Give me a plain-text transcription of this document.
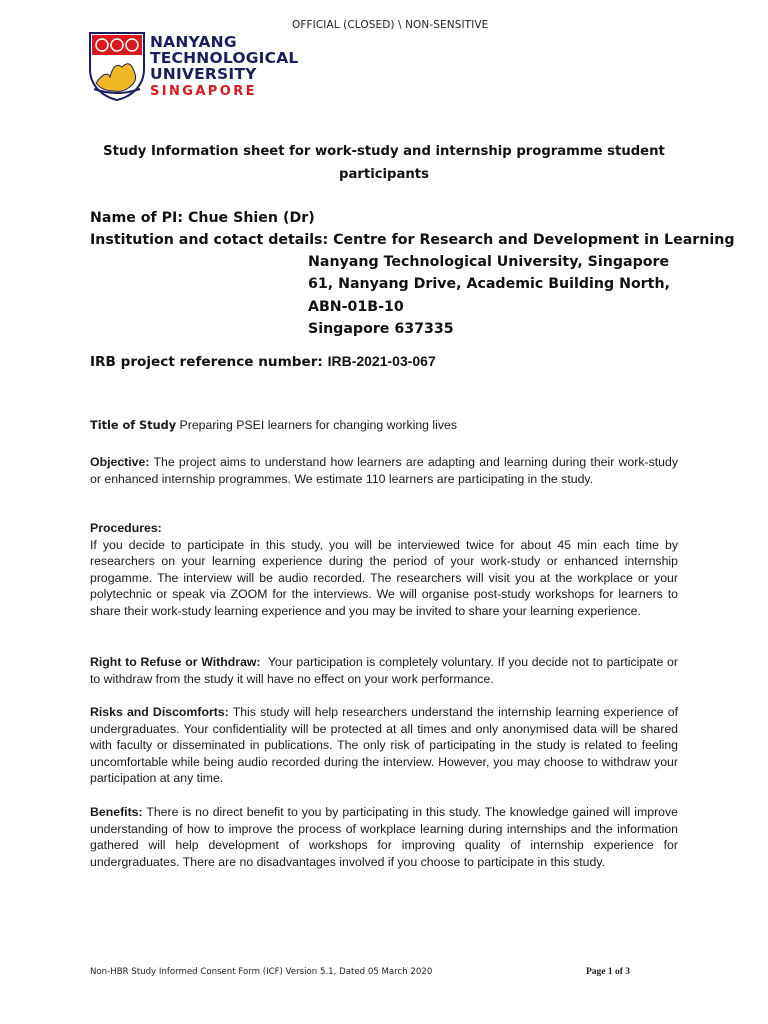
OFFICIAL (CLOSED) \ NON-SENSITIVE
NANYANG
TECHNOLOGICAL
UNIVERSITY
SINGAPORE
Study Information sheet for work-study and internship programme student
participants
Name of PI: Chue Shien (Dr)
Institution and cotact details: Centre for Research and Development in Learning
Nanyang Technological University, Singapore
61, Nanyang Drive, Academic Building North,
ABN-01B-10
Singapore 637335
IRB project reference number: IRB-2021-03-067
Title of Study Preparing PSEI learners for changing working lives
Objective: The project aims to understand how learners are adapting and learning during their work-study or enhanced internship programmes. We estimate 110 learners are participating in the study.
Procedures:
If you decide to participate in this study, you will be interviewed twice for about 45 min each time by researchers on your learning experience during the period of your work-study or enhanced internship progamme. The interview will be audio recorded. The researchers will visit you at the workplace or your polytechnic or speak via ZOOM for the interviews. We will organise post-study workshops for learners to share their work-study learning experience and you may be invited to share your learning experience.
Right to Refuse or Withdraw: Your participation is completely voluntary. If you decide not to participate or to withdraw from the study it will have no effect on your work performance.
Risks and Discomforts: This study will help researchers understand the internship learning experience of undergraduates. Your confidentiality will be protected at all times and only anonymised data will be shared with faculty or disseminated in publications. The only risk of participating in the study is related to feeling uncomfortable while being audio recorded during the interview. However, you may choose to withdraw your participation at any time.
Benefits: There is no direct benefit to you by participating in this study. The knowledge gained will improve understanding of how to improve the process of workplace learning during internships and the information gathered will help development of workshops for improving quality of internship experience for undergraduates. There are no disadvantages involved if you choose to participate in this study.
Non-HBR Study Informed Consent Form (ICF) Version 5.1, Dated 05 March 2020	Page 1 of 3
